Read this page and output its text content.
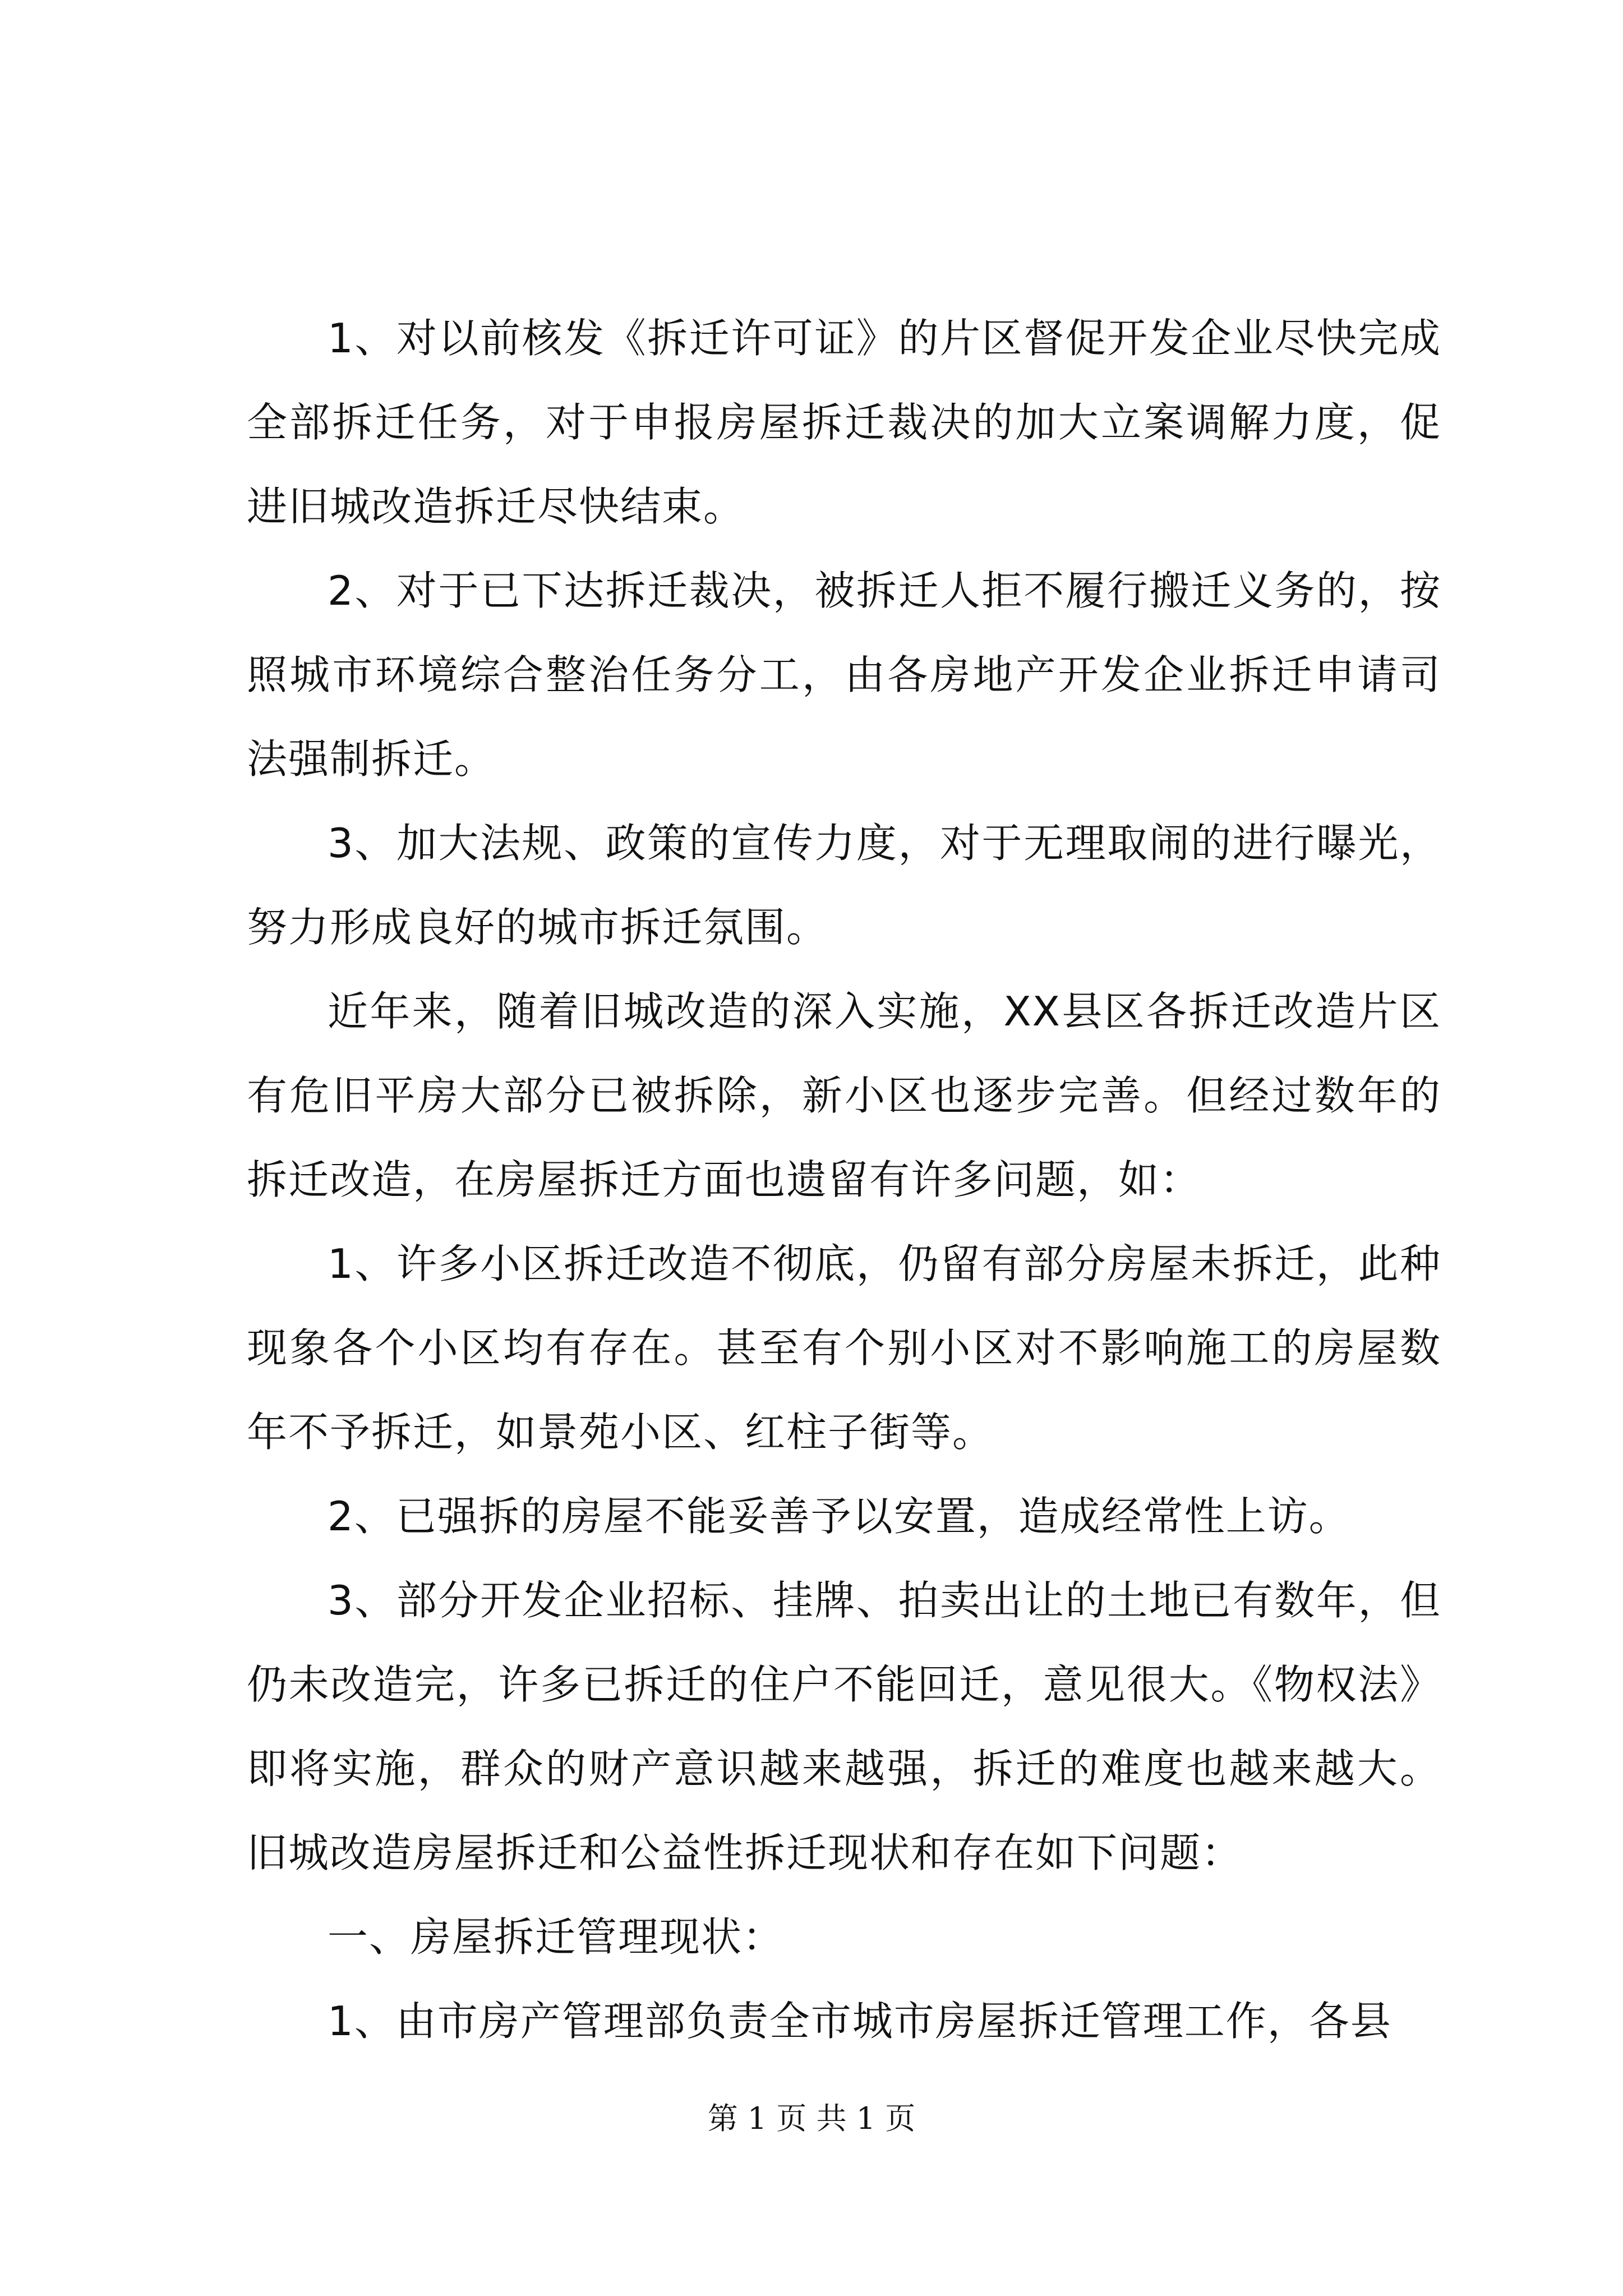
1、对以前核发《拆迁许可证》的片区督促开发企业尽快完成全部拆迁任务，对于申报房屋拆迁裁决的加大立案调解力度，促进旧城改造拆迁尽快结束。

2、对于已下达拆迁裁决，被拆迁人拒不履行搬迁义务的，按照城市环境综合整治任务分工，由各房地产开发企业拆迁申请司法强制拆迁。

3、加大法规、政策的宣传力度，对于无理取闹的进行曝光，努力形成良好的城市拆迁氛围。

近年来，随着旧城改造的深入实施，XX县区各拆迁改造片区有危旧平房大部分已被拆除，新小区也逐步完善。但经过数年的拆迁改造，在房屋拆迁方面也遗留有许多问题，如：

1、许多小区拆迁改造不彻底，仍留有部分房屋未拆迁，此种现象各个小区均有存在。甚至有个别小区对不影响施工的房屋数年不予拆迁，如景苑小区、红柱子街等。

2、已强拆的房屋不能妥善予以安置，造成经常性上访。

3、部分开发企业招标、挂牌、拍卖出让的土地已有数年，但仍未改造完，许多已拆迁的住户不能回迁，意见很大。《物权法》即将实施，群众的财产意识越来越强，拆迁的难度也越来越大。旧城改造房屋拆迁和公益性拆迁现状和存在如下问题：

一、房屋拆迁管理现状：

1、由市房产管理部负责全市城市房屋拆迁管理工作，各县

第 1 页 共 1 页
